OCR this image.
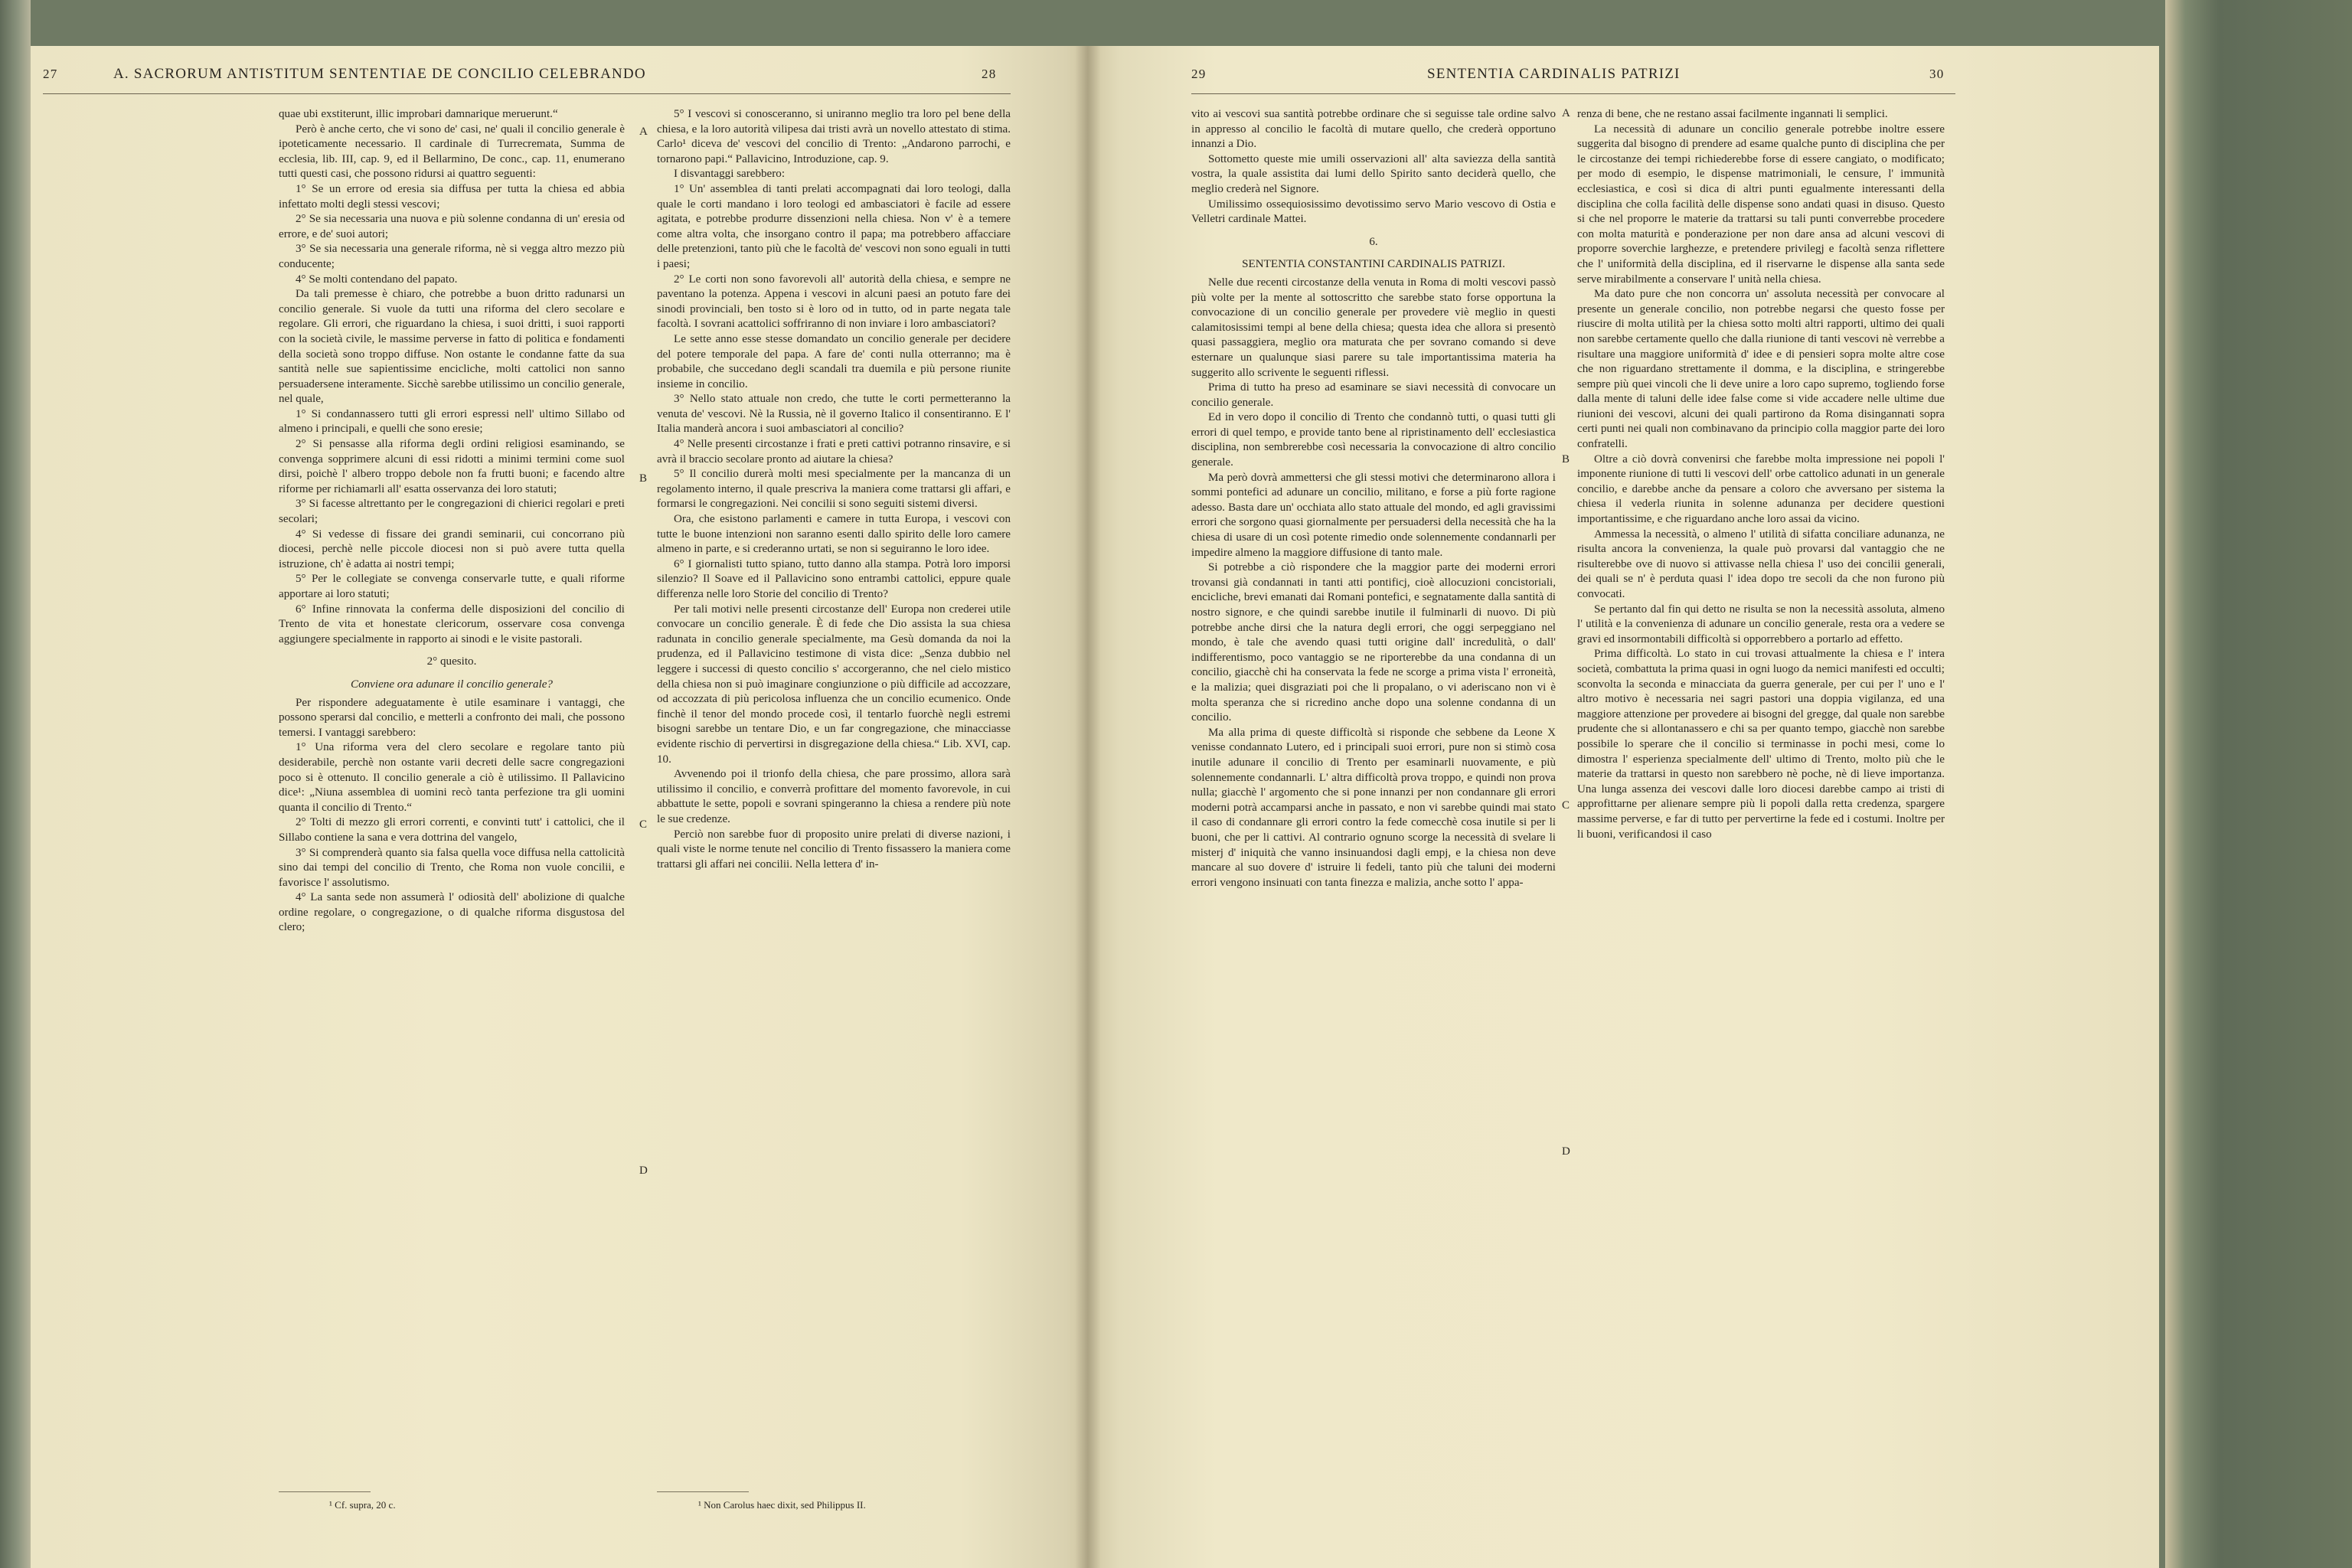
27	A. SACRORUM ANTISTITUM SENTENTIAE DE CONCILIO CELEBRANDO	28

quae ubi exstiterunt, illic improbari damnarique meruerunt.“

Però è anche certo, che vi sono de' casi, ne' quali il concilio generale è ipoteticamente necessario. Il cardinale di Turrecremata, Summa de ecclesia, lib. III, cap. 9, ed il Bellarmino, De conc., cap. 11, enumerano tutti questi casi, che possono ridursi ai quattro seguenti:

1° Se un errore od eresia sia diffusa per tutta la chiesa ed abbia infettato molti degli stessi vescovi;

2° Se sia necessaria una nuova e più solenne condanna di un' eresia od errore, e de' suoi autori;

3° Se sia necessaria una generale riforma, nè si vegga altro mezzo più conducente;

4° Se molti contendano del papato.

Da tali premesse è chiaro, che potrebbe a buon dritto radunarsi un concilio generale. Si vuole da tutti una riforma del clero secolare e regolare. Gli errori, che riguardano la chiesa, i suoi dritti, i suoi rapporti con la società civile, le massime perverse in fatto di politica e fondamenti della società sono troppo diffuse. Non ostante le condanne fatte da sua santità nelle sue sapientissime encicliche, molti cattolici non sanno persuadersene interamente. Sicchè sarebbe utilissimo un concilio generale, nel quale,

1° Si condannassero tutti gli errori espressi nell' ultimo Sillabo od almeno i principali, e quelli che sono eresie;

2° Si pensasse alla riforma degli ordini religiosi esaminando, se convenga sopprimere alcuni di essi ridotti a minimi termini come suol dirsi, poichè l' albero troppo debole non fa frutti buoni; e facendo altre riforme per richiamarli all' esatta osservanza dei loro statuti;

3° Si facesse altrettanto per le congregazioni di chierici regolari e preti secolari;

4° Si vedesse di fissare dei grandi seminarii, cui concorrano più diocesi, perchè nelle piccole diocesi non si può avere tutta quella istruzione, ch' è adatta ai nostri tempi;

5° Per le collegiate se convenga conservarle tutte, e quali riforme apportare ai loro statuti;

6° Infine rinnovata la conferma delle disposizioni del concilio di Trento de vita et honestate clericorum, osservare cosa convenga aggiungere specialmente in rapporto ai sinodi e le visite pastorali.

2° quesito.

Conviene ora adunare il concilio generale?

Per rispondere adeguatamente è utile esaminare i vantaggi, che possono sperarsi dal concilio, e metterli a confronto dei mali, che possono temersi. I vantaggi sarebbero:

1° Una riforma vera del clero secolare e regolare tanto più desiderabile, perchè non ostante varii decreti delle sacre congregazioni poco si è ottenuto. Il concilio generale a ciò è utilissimo. Il Pallavicino dice¹: „Niuna assemblea di uomini recò tanta perfezione tra gli uomini quanta il concilio di Trento.“

2° Tolti di mezzo gli errori correnti, e convinti tutt' i cattolici, che il Sillabo contiene la sana e vera dottrina del vangelo,

3° Si comprenderà quanto sia falsa quella voce diffusa nella cattolicità sino dai tempi del concilio di Trento, che Roma non vuole concilii, e favorisce l' assolutismo.

4° La santa sede non assumerà l' odiosità dell' abolizione di qualche ordine regolare, o congregazione, o di qualche riforma disgustosa del clero;

5° I vescovi si conosceranno, si uniranno meglio tra loro pel bene della chiesa, e la loro autorità vilipesa dai tristi avrà un novello attestato di stima. Carlo¹ diceva de' vescovi del concilio di Trento: „Andarono parrochi, e tornarono papi.“ Pallavicino, Introduzione, cap. 9.

I disvantaggi sarebbero:

1° Un' assemblea di tanti prelati accompagnati dai loro teologi, dalla quale le corti mandano i loro teologi ed ambasciatori è facile ad essere agitata, e potrebbe produrre dissenzioni nella chiesa. Non v' è a temere come altra volta, che insorgano contro il papa; ma potrebbero affacciare delle pretenzioni, tanto più che le facoltà de' vescovi non sono eguali in tutti i paesi;

2° Le corti non sono favorevoli all' autorità della chiesa, e sempre ne paventano la potenza. Appena i vescovi in alcuni paesi an potuto fare dei sinodi provinciali, ben tosto si è loro od in tutto, od in parte negata tale facoltà. I sovrani acattolici soffriranno di non inviare i loro ambasciatori?

Le sette anno esse stesse domandato un concilio generale per decidere del potere temporale del papa. A fare de' conti nulla otterranno; ma è probabile, che succedano degli scandali tra duemila e più persone riunite insieme in concilio.

3° Nello stato attuale non credo, che tutte le corti permetteranno la venuta de' vescovi. Nè la Russia, nè il governo Italico il consentiranno. E l' Italia manderà ancora i suoi ambasciatori al concilio?

4° Nelle presenti circostanze i frati e preti cattivi potranno rinsavire, e si avrà il braccio secolare pronto ad aiutare la chiesa?

5° Il concilio durerà molti mesi specialmente per la mancanza di un regolamento interno, il quale prescriva la maniera come trattarsi gli affari, e formarsi le congregazioni. Nei concilii si sono seguiti sistemi diversi.

Ora, che esistono parlamenti e camere in tutta Europa, i vescovi con tutte le buone intenzioni non saranno esenti dallo spirito delle loro camere almeno in parte, e si crederanno urtati, se non si seguiranno le loro idee.

6° I giornalisti tutto spiano, tutto danno alla stampa. Potrà loro imporsi silenzio? Il Soave ed il Pallavicino sono entrambi cattolici, eppure quale differenza nelle loro Storie del concilio di Trento?

Per tali motivi nelle presenti circostanze dell' Europa non crederei utile convocare un concilio generale. È di fede che Dio assista la sua chiesa radunata in concilio generale specialmente, ma Gesù domanda da noi la prudenza, ed il Pallavicino testimone di vista dice: „Senza dubbio nel leggere i successi di questo concilio s' accorgeranno, che nel cielo mistico della chiesa non si può imaginare congiunzione o più difficile ad accozzare, od accozzata di più pericolosa influenza che un concilio ecumenico. Onde finchè il tenor del mondo procede così, il tentarlo fuorchè negli estremi bisogni sarebbe un tentare Dio, e un far congregazione, che minacciasse evidente rischio di pervertirsi in disgregazione della chiesa.“ Lib. XVI, cap. 10.

Avvenendo poi il trionfo della chiesa, che pare prossimo, allora sarà utilissimo il concilio, e converrà profittare del momento favorevole, in cui abbattute le sette, popoli e sovrani spingeranno la chiesa a rendere più note le sue credenze.

Perciò non sarebbe fuor di proposito unire prelati di diverse nazioni, i quali viste le norme tenute nel concilio di Trento fissassero la maniera come trattarsi gli affari nei concilii. Nella lettera d' in-

A
B
C
D
¹ Cf. supra, 20 c.	¹ Non Carolus haec dixit, sed Philippus II.
29	SENTENTIA CARDINALIS PATRIZI	30

vito ai vescovi sua santità potrebbe ordinare che si seguisse tale ordine salvo in appresso al concilio le facoltà di mutare quello, che crederà opportuno innanzi a Dio.

Sottometto queste mie umili osservazioni all' alta saviezza della santità vostra, la quale assistita dai lumi dello Spirito santo deciderà quello, che meglio crederà nel Signore.

Umilissimo ossequiosissimo devotissimo servo Mario vescovo di Ostia e Velletri cardinale Mattei.

6.

SENTENTIA CONSTANTINI CARDINALIS PATRIZI.

Nelle due recenti circostanze della venuta in Roma di molti vescovi passò più volte per la mente al sottoscritto che sarebbe stato forse opportuna la convocazione di un concilio generale per provedere viè meglio in questi calamitosissimi tempi al bene della chiesa; questa idea che allora si presentò quasi passaggiera, meglio ora maturata che per sovrano comando si deve esternare un qualunque siasi parere su tale importantissima materia ha suggerito allo scrivente le seguenti riflessi.

Prima di tutto ha preso ad esaminare se siavi necessità di convocare un concilio generale.

Ed in vero dopo il concilio di Trento che condannò tutti, o quasi tutti gli errori di quel tempo, e provide tanto bene al ripristinamento dell' ecclesiastica disciplina, non sembrerebbe così necessaria la convocazione di altro concilio generale.

Ma però dovrà ammettersi che gli stessi motivi che determinarono allora i sommi pontefici ad adunare un concilio, militano, e forse a più forte ragione adesso. Basta dare un' occhiata allo stato attuale del mondo, ed agli gravissimi errori che sorgono quasi giornalmente per persuadersi della necessità che ha la chiesa di usare di un così potente rimedio onde solennemente condannarli per impedire almeno la maggiore diffusione di tanto male.

Si potrebbe a ciò rispondere che la maggior parte dei moderni errori trovansi già condannati in tanti atti pontificj, cioè allocuzioni concistoriali, encicliche, brevi emanati dai Romani pontefici, e segnatamente dalla santità di nostro signore, e che quindi sarebbe inutile il fulminarli di nuovo. Di più potrebbe anche dirsi che la natura degli errori, che oggi serpeggiano nel mondo, è tale che avendo quasi tutti origine dall' incredulità, o dall' indifferentismo, poco vantaggio se ne riporterebbe da una condanna di un concilio, giacchè chi ha conservata la fede ne scorge a prima vista l' erroneità, e la malizia; quei disgraziati poi che li propalano, o vi aderiscano non vi è molta speranza che si ricredino anche dopo una solenne condanna di un concilio.

Ma alla prima di queste difficoltà si risponde che sebbene da Leone X venisse condannato Lutero, ed i principali suoi errori, pure non si stimò cosa inutile adunare il concilio di Trento per esaminarli nuovamente, e più solennemente condannarli. L' altra difficoltà prova troppo, e quindi non prova nulla; giacchè l' argomento che si pone innanzi per non condannare gli errori moderni potrà accamparsi anche in passato, e non vi sarebbe quindi mai stato il caso di condannare gli errori contro la fede comecchè cosa inutile si per li buoni, che per li cattivi. Al contrario ognuno scorge la necessità di svelare li misterj d' iniquità che vanno insinuandosi dagli empj, e la chiesa non deve mancare al suo dovere d' istruire li fedeli, tanto più che taluni dei moderni errori vengono insinuati con tanta finezza e malizia, anche sotto l' appa-

renza di bene, che ne restano assai facilmente ingannati li semplici.

La necessità di adunare un concilio generale potrebbe inoltre essere suggerita dal bisogno di prendere ad esame qualche punto di disciplina che per le circostanze dei tempi richiederebbe forse di essere cangiato, o modificato; per modo di esempio, le dispense matrimoniali, le censure, l' immunità ecclesiastica, e così si dica di altri punti egualmente interessanti della disciplina che colla facilità delle dispense sono andati quasi in disuso. Questo si che nel proporre le materie da trattarsi su tali punti converrebbe procedere con molta maturità e ponderazione per non dare ansa ad alcuni vescovi di proporre soverchie larghezze, e pretendere privilegj e facoltà senza riflettere che l' uniformità della disciplina, ed il riservarne le dispense alla santa sede serve mirabilmente a conservare l' unità nella chiesa.

Ma dato pure che non concorra un' assoluta necessità per convocare al presente un generale concilio, non potrebbe negarsi che questo fosse per riuscire di molta utilità per la chiesa sotto molti altri rapporti, ultimo dei quali non sarebbe certamente quello che dalla riunione di tanti vescovi nè verrebbe a risultare una maggiore uniformità d' idee e di pensieri sopra molte altre cose che non riguardano strettamente il domma, e la disciplina, e stringerebbe sempre più quei vincoli che li deve unire a loro capo supremo, togliendo forse dalla mente di taluni delle idee false come si vide accadere nelle ultime due riunioni dei vescovi, alcuni dei quali partirono da Roma disingannati sopra certi punti nei quali non combinavano da principio colla maggior parte dei loro confratelli.

Oltre a ciò dovrà convenirsi che farebbe molta impressione nei popoli l' imponente riunione di tutti li vescovi dell' orbe cattolico adunati in un generale concilio, e darebbe anche da pensare a coloro che avversano per sistema la chiesa il vederla riunita in solenne adunanza per decidere questioni importantissime, e che riguardano anche loro assai da vicino.

Ammessa la necessità, o almeno l' utilità di sifatta conciliare adunanza, ne risulta ancora la convenienza, la quale può provarsi dal vantaggio che ne risulterebbe ove di nuovo si attivasse nella chiesa l' uso dei concilii generali, dei quali se n' è perduta quasi l' idea dopo tre secoli da che non furono più convocati.

Se pertanto dal fin qui detto ne risulta se non la necessità assoluta, almeno l' utilità e la convenienza di adunare un concilio generale, resta ora a vedere se gravi ed insormontabili difficoltà si opporrebbero a portarlo ad effetto.

Prima difficoltà. Lo stato in cui trovasi attualmente la chiesa e l' intera società, combattuta la prima quasi in ogni luogo da nemici manifesti ed occulti; sconvolta la seconda e minacciata da guerra generale, per cui per l' uno e l' altro motivo è necessaria nei sagri pastori una doppia vigilanza, ed una maggiore attenzione per provedere ai bisogni del gregge, dal quale non sarebbe prudente che si allontanassero e chi sa per quanto tempo, giacchè non sarebbe possibile lo sperare che il concilio si terminasse in pochi mesi, come lo dimostra l' esperienza specialmente dell' ultimo di Trento, molto più che le materie da trattarsi in questo non sarebbero nè poche, nè di lieve importanza. Una lunga assenza dei vescovi dalle loro diocesi darebbe campo ai tristi di approfittarne per alienare sempre più li popoli dalla retta credenza, spargere massime perverse, e far di tutto per pervertirne la fede ed i costumi. Inoltre per li buoni, verificandosi il caso

A
B
C
D
